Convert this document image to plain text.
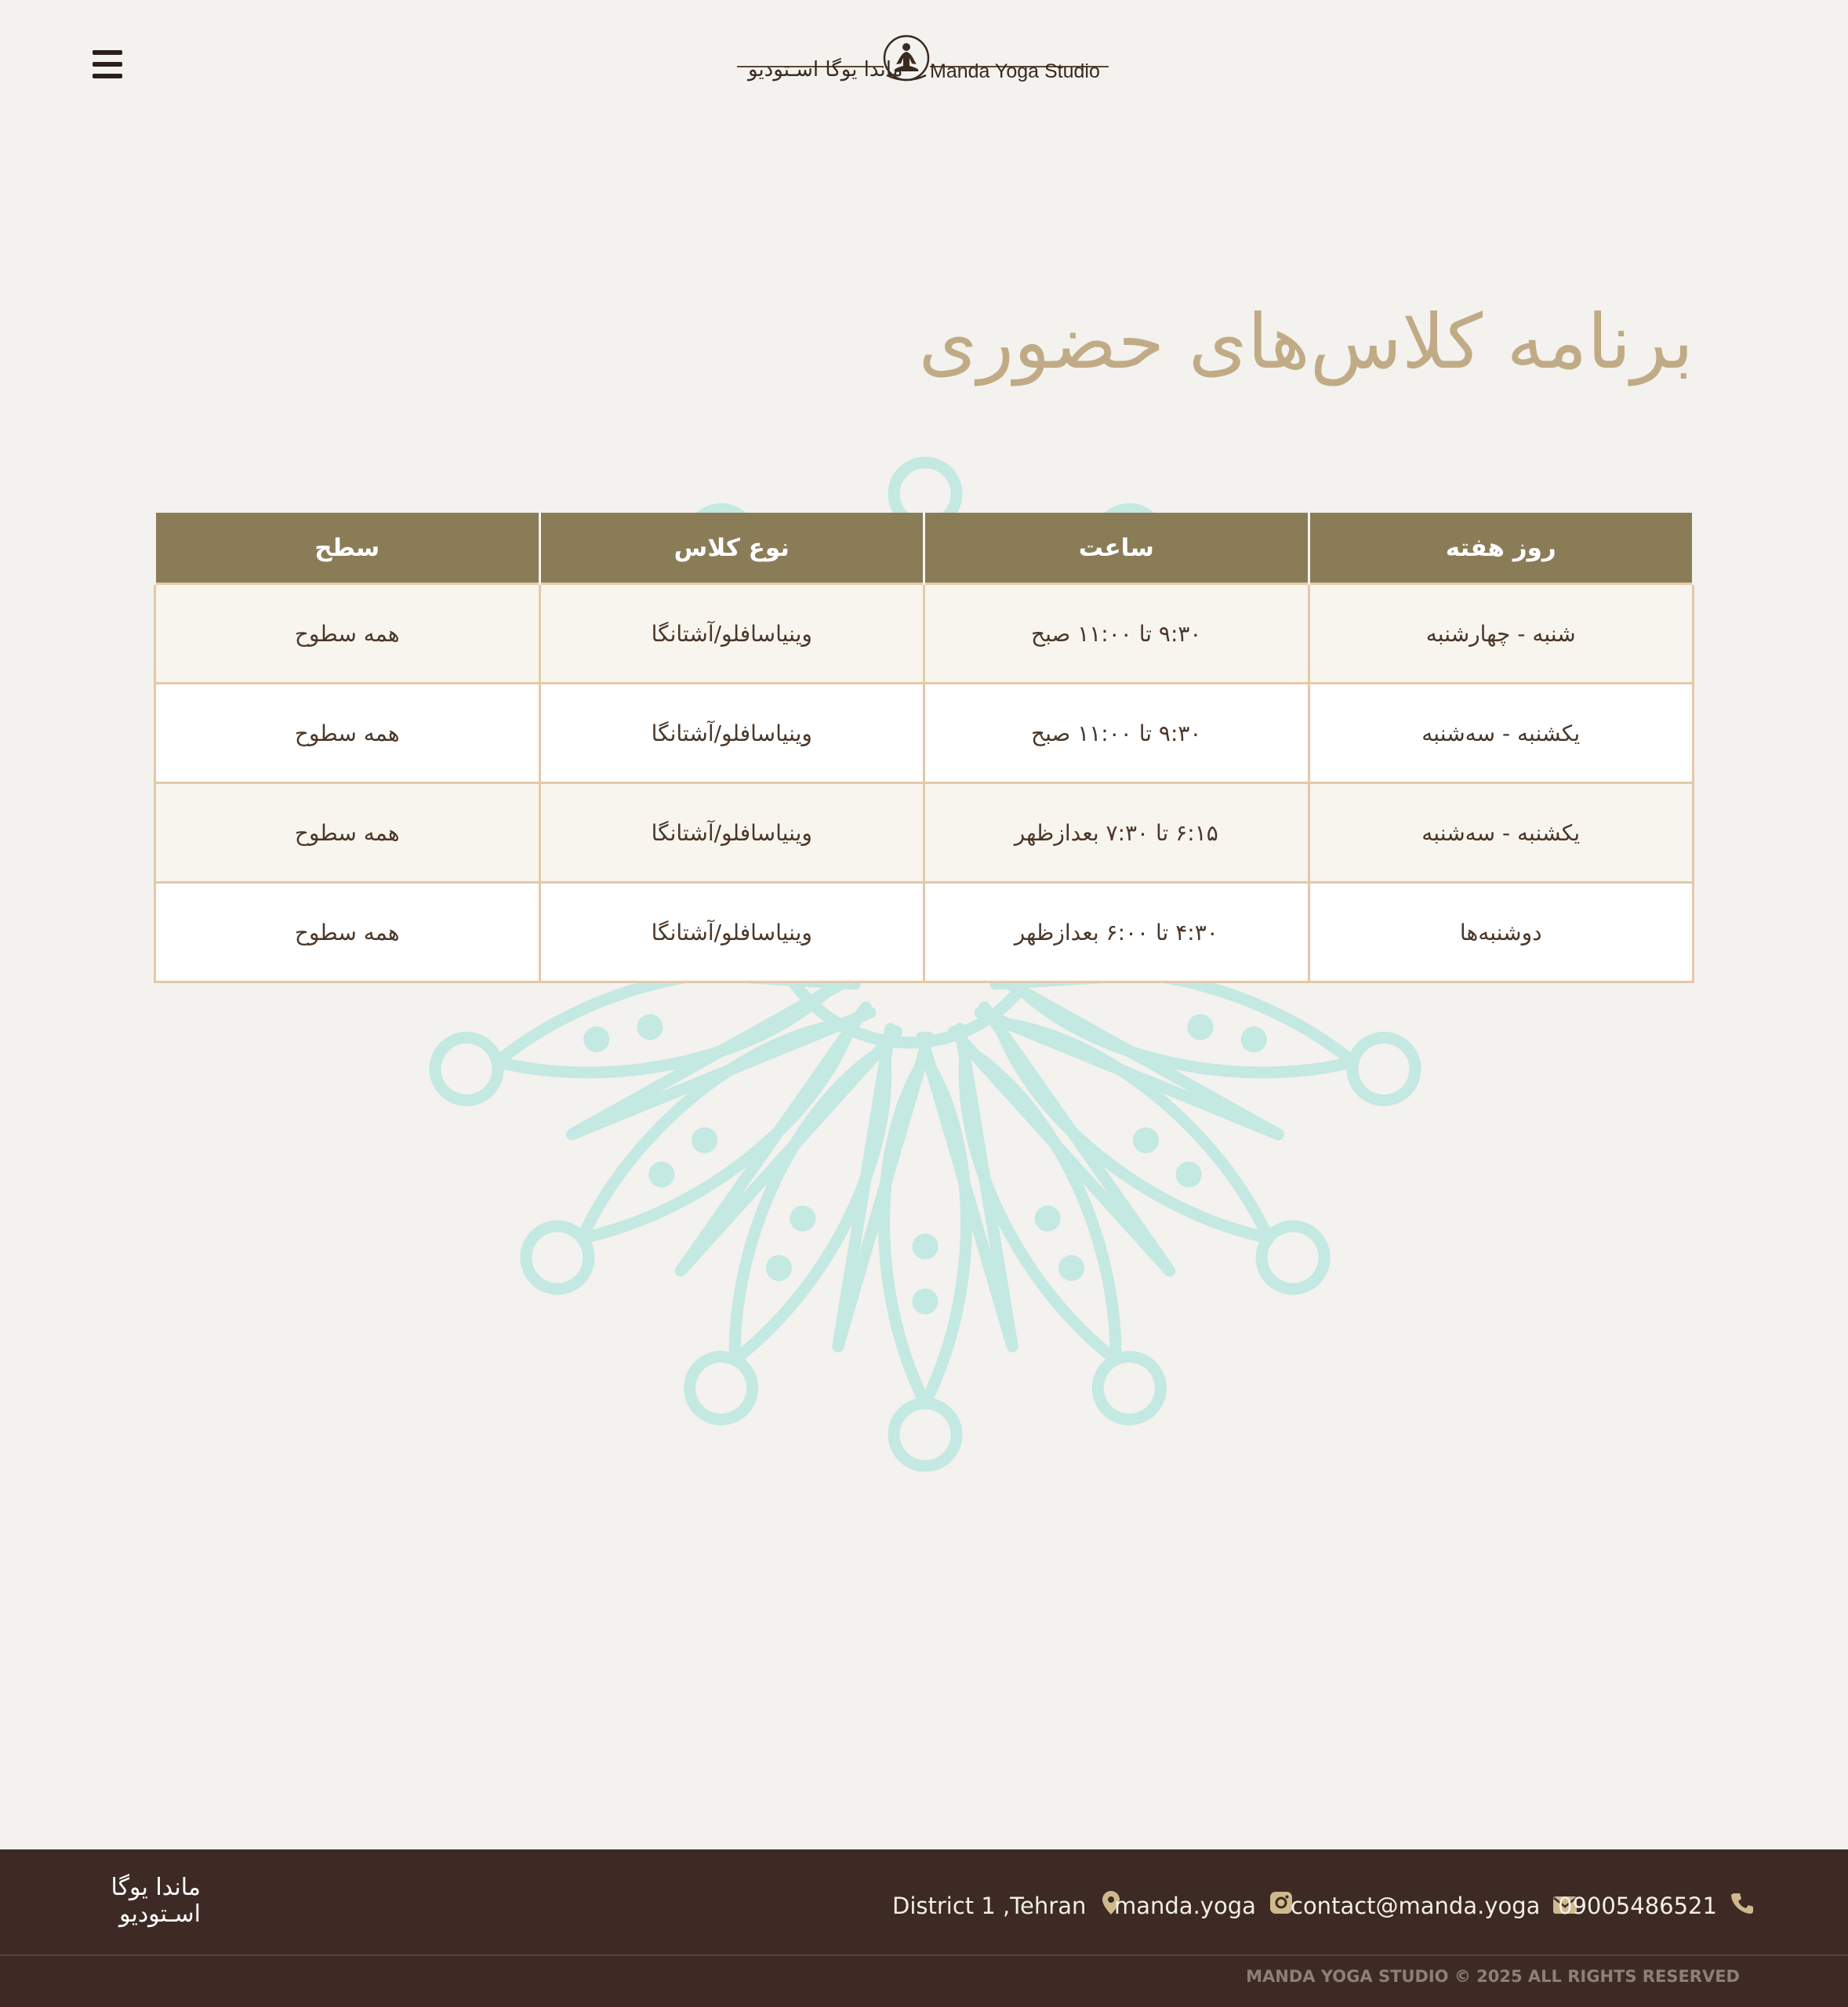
ماندا یوگا اسـتودیو Manda Yoga Studio
برنامه کلاس‌های حضوری
روز هفته	ساعت	نوع کلاس	سطح
شنبه - چهارشنبه	۹:۳۰ تا ۱۱:۰۰ صبح	وینیاسافلو/آشتانگا	همه سطوح
یکشنبه - سه‌شنبه	۹:۳۰ تا ۱۱:۰۰ صبح	وینیاسافلو/آشتانگا	همه سطوح
یکشنبه - سه‌شنبه	۶:۱۵ تا ۷:۳۰ بعدازظهر	وینیاسافلو/آشتانگا	همه سطوح
دوشنبه‌ها	۴:۳۰ تا ۶:۰۰ بعدازظهر	وینیاسافلو/آشتانگا	همه سطوح
ماندا یوگا
اسـتودیو	District 1 ,Tehran manda.yoga contact@manda.yoga 09005486521
MANDA YOGA STUDIO © 2025 ALL RIGHTS RESERVED
